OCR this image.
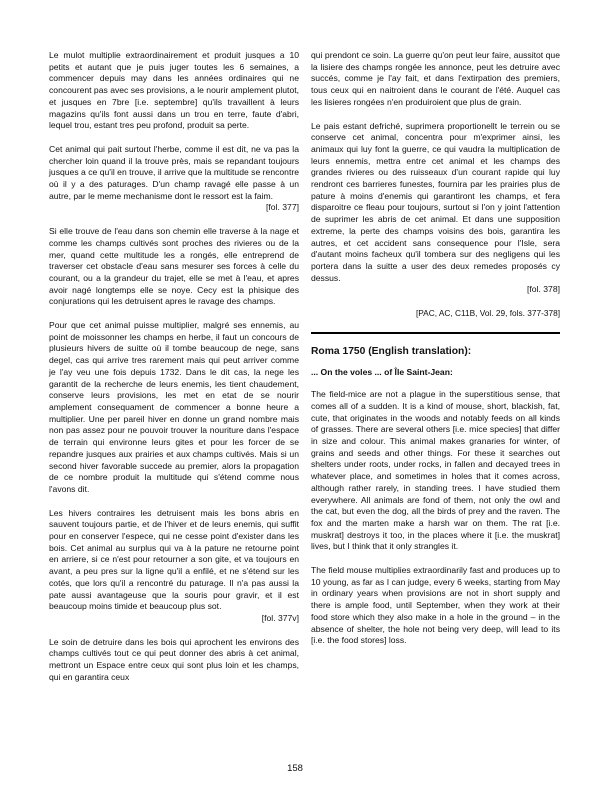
Le mulot multiplie extraordinairement et produit jusques a 10 petits et autant que je puis juger toutes les 6 semaines, a commencer depuis may dans les années ordinaires qui ne concourent pas avec ses provisions, a le nourir amplement plutot, et jusques en 7bre [i.e. septembre] qu'ils travaillent à leurs magazins qu'ils font aussi dans un trou en terre, faute d'abri, lequel trou, estant tres peu profond, produit sa perte.

Cet animal qui pait surtout l'herbe, comme il est dit, ne va pas la chercher loin quand il la trouve près, mais se repandant toujours jusques a ce qu'il en trouve, il arrive que la multitude se rencontre où il y a des paturages. D'un champ ravagé elle passe à un autre, par le meme mechanisme dont le ressort est la faim.
[fol. 377]

Si elle trouve de l'eau dans son chemin elle traverse à la nage et comme les champs cultivés sont proches des rivieres ou de la mer, quand cette multitude les a rongés, elle entreprend de traverser cet obstacle d'eau sans mesurer ses forces à celle du courant, ou a la grandeur du trajet, elle se met à l'eau, et apres avoir nagé longtemps elle se noye. Cecy est la phisique des conjurations qui les detruisent apres le ravage des champs.

Pour que cet animal puisse multiplier, malgré ses ennemis, au point de moissonner les champs en herbe, il faut un concours de plusieurs hivers de suitte où il tombe beaucoup de nege, sans degel, cas qui arrive tres rarement mais qui peut arriver comme je l'ay veu une fois depuis 1732. Dans le dit cas, la nege les garantit de la recherche de leurs enemis, les tient chaudement, conserve leurs provisions, les met en etat de se nourir amplement consequament de commencer a bonne heure a multiplier. Une per pareil hiver en donne un grand nombre mais non pas assez pour ne pouvoir trouver la nouriture dans l'espace de terrain qui environne leurs gites et pour les forcer de se repandre jusques aux prairies et aux champs cultivés. Mais si un second hiver favorable succede au premier, alors la propagation de ce nombre produit la multitude qui s'étend comme nous l'avons dit.

Les hivers contraires les detruisent mais les bons abris en sauvent toujours partie, et de l'hiver et de leurs enemis, qui suffit pour en conserver l'espece, qui ne cesse point d'exister dans les bois. Cet animal au surplus qui va à la pature ne retourne point en arriere, si ce n'est pour retourner a son gite, et va toujours en avant, a peu pres sur la ligne qu'il a enfilé, et ne s'étend sur les cotés, que lors qu'il a rencontré du paturage. Il n'a pas aussi la pate aussi avantageuse que la souris pour gravir, et il est beaucoup moins timide et beaucoup plus sot.
[fol. 377v]

Le soin de detruire dans les bois qui aprochent les environs des champs cultivés tout ce qui peut donner des abris à cet animal, mettront un Espace entre ceux qui sont plus loin et les champs, qui en garantira ceux

qui prendont ce soin. La guerre qu'on peut leur faire, aussitot que la lisiere des champs rongée les annonce, peut les detruire avec succés, comme je l'ay fait, et dans l'extirpation des premiers, tous ceux qui en naitroient dans le courant de l'été. Auquel cas les lisieres rongées n'en produiroient que plus de grain.

Le pais estant defriché, suprimera proportionellt le terrein ou se conserve cet animal, concentra pour m'exprimer ainsi, les animaux qui luy font la guerre, ce qui vaudra la multiplication de leurs ennemis, mettra entre cet animal et les champs des grandes rivieres ou des ruisseaux d'un courant rapide qui luy rendront ces barrieres funestes, fournira par les prairies plus de pature à moins d'enemis qui garantiront les champs, et fera disparoitre ce fleau pour toujours, surtout si l'on y joint l'attention de suprimer les abris de cet animal. Et dans une supposition extreme, la perte des champs voisins des bois, garantira les autres, et cet accident sans consequence pour l'Isle, sera d'autant moins facheux qu'il tombera sur des negligens qui les portera dans la suitte a user des deux remedes proposés cy dessus.
[fol. 378]

[PAC, AC, C11B, Vol. 29, fols. 377-378]

Roma 1750 (English translation):

... On the voles ... of Île Saint-Jean:

The field-mice are not a plague in the superstitious sense, that comes all of a sudden. It is a kind of mouse, short, blackish, fat, cute, that originates in the woods and notably feeds on all kinds of grasses. There are several others [i.e. mice species] that differ in size and colour. This animal makes granaries for winter, of grains and seeds and other things. For these it searches out shelters under roots, under rocks, in fallen and decayed trees in whatever place, and sometimes in holes that it comes across, although rather rarely, in standing trees. I have studied them everywhere. All animals are fond of them, not only the owl and the cat, but even the dog, all the birds of prey and the raven. The fox and the marten make a harsh war on them. The rat [i.e. muskrat] destroys it too, in the places where it [i.e. the muskrat] lives, but I think that it only strangles it.

The field mouse multiplies extraordinarily fast and produces up to 10 young, as far as I can judge, every 6 weeks, starting from May in ordinary years when provisions are not in short supply and there is ample food, until September, when they work at their food store which they also make in a hole in the ground – in the absence of shelter, the hole not being very deep, will lead to its [i.e. the food stores] loss.

158
